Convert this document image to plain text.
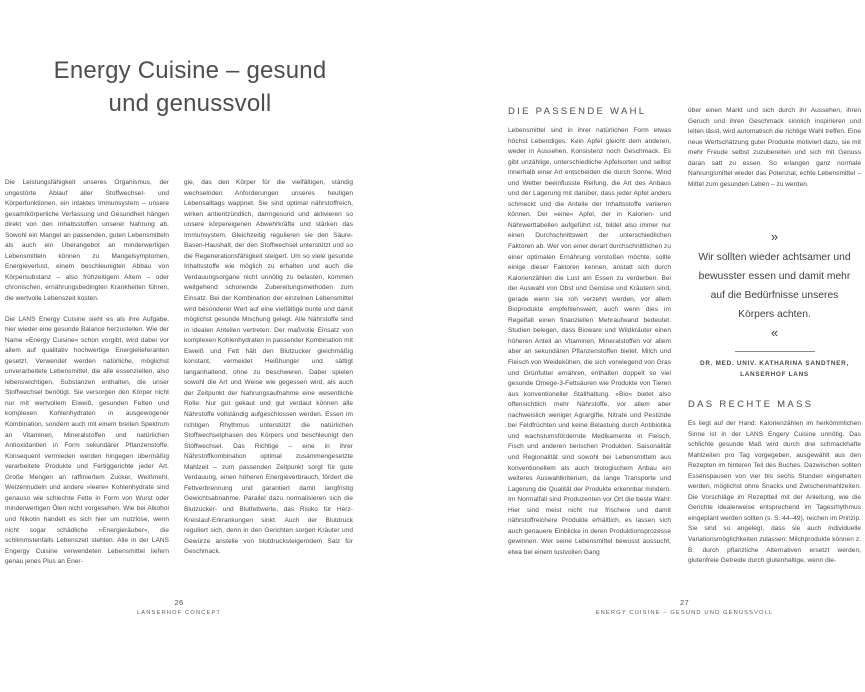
Energy Cuisine – gesund
und genussvoll

Die Leistungsfähigkeit unseres Organismus, der ungestörte Ablauf aller Stoffwechsel- und Körperfunktionen, ein intaktes Immunsystem – unsere gesamtkörperliche Verfassung und Gesundheit hängen direkt von den Inhaltsstoffen unserer Nahrung ab. Sowohl ein Mangel an passenden, guten Lebensmitteln als auch ein Überangebot an minderwertigen Lebensmitteln können zu Mangelsymptomen, Energieverlust, einem beschleunigten Abbau von Körpersubstanz – also frühzeitigem Altern – oder chronischen, ernährungsbedingten Krankheiten führen, die wertvolle Lebenszeit kosten.

Die LANS Energy Cuisine sieht es als ihre Aufgabe, hier wieder eine gesunde Balance herzustellen. Wie der Name »Energy Cuisine« schon vorgibt, wird dabei vor allem auf qualitativ hochwertige Energielieferanten gesetzt. Verwendet werden natürliche, möglichst unverarbeitete Lebensmittel, die alle essenziellen, also lebenswichtigen, Substanzen enthalten, die unser Stoffwechsel benötigt. Sie versorgen den Körper nicht nur mit wertvollem Eiweiß, gesunden Fetten und komplexen Kohlenhydraten in ausgewogener Kombination, sondern auch mit einem breiten Spektrum an Vitaminen, Mineralstoffen und natürlichen Antioxidantien in Form sekundärer Pflanzenstoffe. Konsequent vermieden werden hingegen übermäßig verarbeitete Produkte und Fertiggerichte jeder Art. Große Mengen an raffiniertem Zucker, Weißmehl, Weizennudeln und andere »leere« Kohlenhydrate sind genauso wie schlechte Fette in Form von Wurst oder minderwertigen Ölen nicht vorgesehen. Wie bei Alkohol und Nikotin handelt es sich hier um nutzlose, wenn nicht sogar schädliche »Energieräuber«, die schlimmstenfalls Lebenszeit stehlen. Alle in der LANS Engergy Cuisine verwendeten Lebensmittel liefern genau jenes Plus an Ener-

gie, das den Körper für die vielfältigen, ständig wechselnden Anforderungen unseres heutigen Lebensalltags wappnet. Sie sind optimal nährstoffreich, wirken antientzündlich, darmgesund und aktivieren so unsere körpereigenen Abwehrkräfte und stärken das Immunsystem. Gleichzeitig regulieren sie den Säure-Basen-Haushalt, der den Stoffwechsel unterstützt und so die Regenerationsfähigkeit steigert. Um so viele gesunde Inhaltsstoffe wie möglich zu erhalten und auch die Verdauungsorgane nicht unnötig zu belasten, kommen weitgehend schonende Zubereitungsmethoden zum Einsatz. Bei der Kombination der einzelnen Lebensmittel wird besonderer Wert auf eine vielfältige bunte und damit möglichst gesunde Mischung gelegt. Alle Nährstoffe sind in idealen Anteilen vertreten: Der maßvolle Einsatz von komplexen Kohlenhydraten in passender Kombination mit Eiweiß und Fett hält den Blutzucker gleichmäßig konstant, vermeidet Heißhunger und sättigt langanhaltend, ohne zu beschweren. Dabei spielen sowohl die Art und Weise wie gegessen wird, als auch der Zeitpunkt der Nahrungsaufnahme eine wesentliche Rolle: Nur gut gekaut und gut verdaut können alle Nährstoffe vollständig aufgeschlossen werden. Essen im richtigen Rhythmus unterstützt die natürlichen Stoffwechselphasen des Körpers und beschleunigt den Stoffwechsel. Das Richtige – eine in ihrer Nährstoffkombination optimal zusammengesetzte Mahlzeit – zum passenden Zeitpunkt sorgt für gute Verdauung, einen höheren Energieverbrauch, fördert die Fettverbrennung und garantiert damit langfristig Gewichtsabnahme. Parallel dazu normalisieren sich die Blutzucker- und Blutfettwerte, das Risiko für Herz-Kreislauf-Erkrankungen sinkt. Auch der Blutdruck reguliert sich, denn in den Gerichten sorgen Kräuter und Gewürze anstelle von blutdrucksteigerndem Salz für Geschmack.

26
LANSERHOF CONCEPT
DIE PASSENDE WAHL

Lebensmittel sind in ihrer natürlichen Form etwas höchst Lebendiges. Kein Apfel gleicht dem anderen, weder in Aussehen, Konsistenz noch Geschmack. Es gibt unzählige, unterschiedliche Apfelsorten und selbst innerhalb einer Art entscheiden die durch Sonne, Wind und Wetter beeinflusste Reifung, die Art des Anbaus und der Lagerung mit darüber, dass jeder Apfel anders schmeckt und die Anteile der Inhaltsstoffe variieren können. Der »eine« Apfel, der in Kalorien- und Nährwerttabellen aufgeführt ist, bildet also immer nur einen Durchschnittswert der unterschiedlichen Faktoren ab. Wer von einer derart durchschnittlichen zu einer optimalen Ernährung vorstoßen möchte, sollte einige dieser Faktoren kennen, anstatt sich durch Kalorienzählen die Lust am Essen zu verderben. Bei der Auswahl von Obst und Gemüse und Kräutern sind, gerade wenn sie roh verzehrt werden, vor allem Bioprodukte empfehlenswert, auch wenn dies im Regelfall einen finanziellen Mehraufwand bedeutet. Studien belegen, dass Bioware und Wildkräuter einen höheren Anteil an Vitaminen, Mineralstoffen vor allem aber an sekundären Pflanzenstoffen bietet. Milch und Fleisch von Weidekühen, die sich vorwiegend von Gras und Grünfutter ernähren, enthalten doppelt so viel gesunde Omege-3-Fettsäuren wie Produkte von Tieren aus konventioneller Stallhaltung. »Bio« bietet also offensichtlich mehr Nährstoffe, vor allem aber nachweislich weniger Agrargifte, Nitrate und Pestizide bei Feldfrüchten und keine Belastung durch Antibiotika und wachstumsfördernde Medikamente in Fleisch, Fisch und anderen tierischen Produkten. Saisonalität und Regionalität sind sowohl bei Lebensmitteln aus konventionellem als auch biologischem Anbau ein weiteres Auswahlkriterium, da lange Transporte und Lagerung die Qualität der Produkte erkennbar mindern. Im Normalfall sind Produzenten vor Ort die beste Wahl: Hier sind meist nicht nur frischere und damit nährstoffreichere Produkte erhältlich, es lassen sich auch genauere Einblicke in deren Produktionsprozesse gewinnen. Wer seine Lebensmittel bewusst aussucht, etwa bei einem lustvollen Gang

über einen Markt und sich durch ihr Aussehen, ihren Geruch und ihren Geschmack sinnlich inspirieren und leiten lässt, wird automatisch die richtige Wahl treffen. Eine neue Wertschätzung guter Produkte motiviert dazu, sie mit mehr Freude selbst zuzubereiten und sich mit Genuss daran satt zu essen. So erlangen ganz normale Nahrungsmittel wieder das Potenzial, echte Lebensmittel – Mittel zum gesunden Leben – zu werden.

»
Wir sollten wieder achtsamer und bewusster essen und damit mehr auf die Bedürfnisse unseres Körpers achten.
«
DR. MED. UNIV. KATHARINA SANDTNER,
LANSERHOF LANS
DAS RECHTE MASS

Es liegt auf der Hand: Kalorienzählen im herkömmlichen Sinne ist in der LANS Engery Cuisine unnötig. Das schlichte gesunde Maß wird durch drei schmackhafte Mahlzeiten pro Tag vorgegeben, ausgewählt aus den Rezepten im hinteren Teil des Buches. Dazwischen sollten Essenspausen von vier bis sechs Stunden eingehalten werden, möglichst ohne Snacks und Zwischenmahlzeiten. Die Vorschläge im Rezeptteil mit der Anleitung, wie die Gerichte idealerweise entsprechend im Tagesrhythmus eingeplant werden sollten (s. S. 44–49), reichen im Prinzip. Sie sind so angelegt, dass sie auch individuelle Variationsmöglichkeiten zulassen: Milchprodukte können z. B. durch pflanzliche Alternativen ersetzt werden, glutenfreie Getreide durch glutenhaltige, wenn die-

27
ENERGY CUISINE – GESUND UND GENUSSVOLL
